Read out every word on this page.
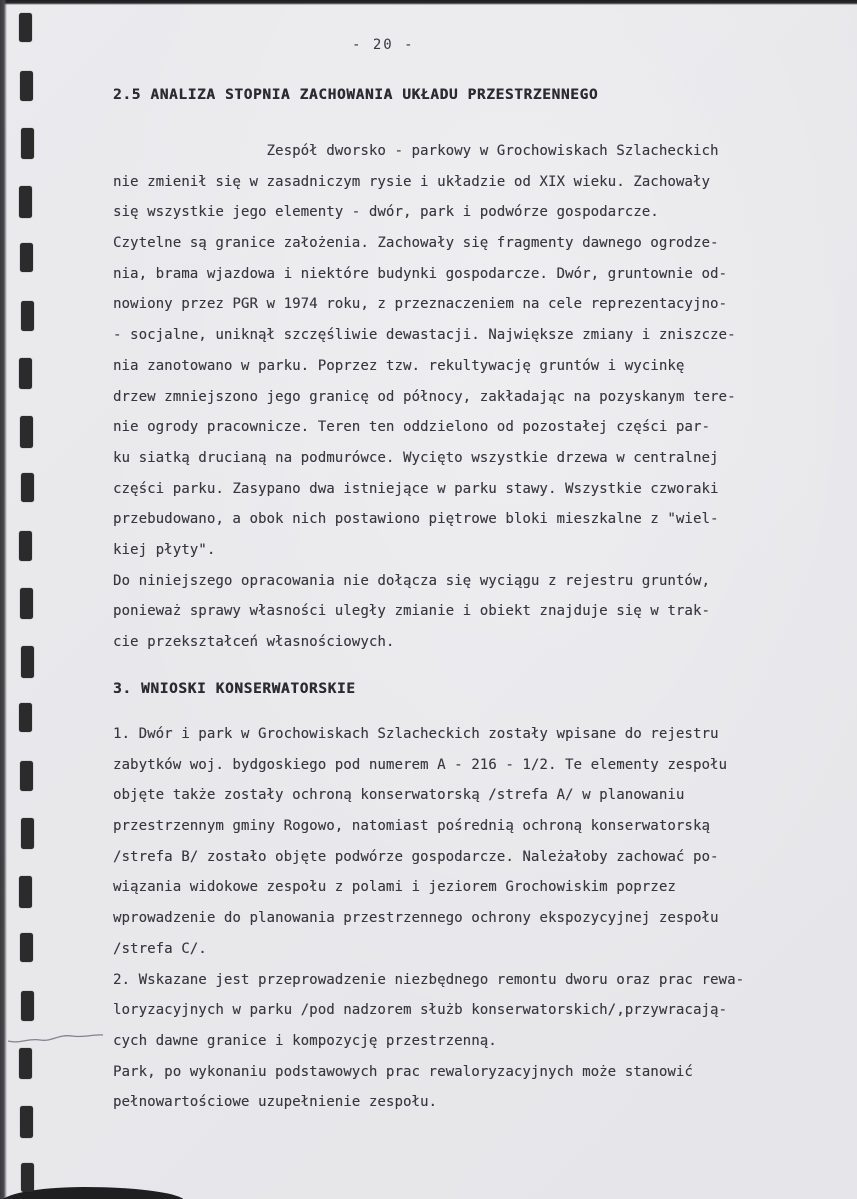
- 20 -
2.5 ANALIZA STOPNIA ZACHOWANIA UKŁADU PRZESTRZENNEGO
Zespół dworsko - parkowy w Grochowiskach Szlacheckich
nie zmienił się w zasadniczym rysie i układzie od XIX wieku. Zachowały
się wszystkie jego elementy - dwór, park i podwórze gospodarcze.
Czytelne są granice założenia. Zachowały się fragmenty dawnego ogrodze-
nia, brama wjazdowa i niektóre budynki gospodarcze. Dwór, gruntownie od-
nowiony przez PGR w 1974 roku, z przeznaczeniem na cele reprezentacyjno-
- socjalne, uniknął szczęśliwie dewastacji. Największe zmiany i zniszcze-
nia zanotowano w parku. Poprzez tzw. rekultywację gruntów i wycinkę
drzew zmniejszono jego granicę od północy, zakładając na pozyskanym tere-
nie ogrody pracownicze. Teren ten oddzielono od pozostałej części par-
ku siatką drucianą na podmurówce. Wycięto wszystkie drzewa w centralnej
części parku. Zasypano dwa istniejące w parku stawy. Wszystkie czworaki
przebudowano, a obok nich postawiono piętrowe bloki mieszkalne z "wiel-
kiej płyty".
Do niniejszego opracowania nie dołącza się wyciągu z rejestru gruntów,
ponieważ sprawy własności uległy zmianie i obiekt znajduje się w trak-
cie przekształceń własnościowych.
3. WNIOSKI KONSERWATORSKIE
1. Dwór i park w Grochowiskach Szlacheckich zostały wpisane do rejestru
zabytków woj. bydgoskiego pod numerem A - 216 - 1/2. Te elementy zespołu
objęte także zostały ochroną konserwatorską /strefa A/ w planowaniu
przestrzennym gminy Rogowo, natomiast pośrednią ochroną konserwatorską
/strefa B/ zostało objęte podwórze gospodarcze. Należałoby zachować po-
wiązania widokowe zespołu z polami i jeziorem Grochowiskim poprzez
wprowadzenie do planowania przestrzennego ochrony ekspozycyjnej zespołu
/strefa C/.
2. Wskazane jest przeprowadzenie niezbędnego remontu dworu oraz prac rewa-
loryzacyjnych w parku /pod nadzorem służb konserwatorskich/,przywracają-
cych dawne granice i kompozycję przestrzenną.
Park, po wykonaniu podstawowych prac rewaloryzacyjnych może stanowić
pełnowartościowe uzupełnienie zespołu.
